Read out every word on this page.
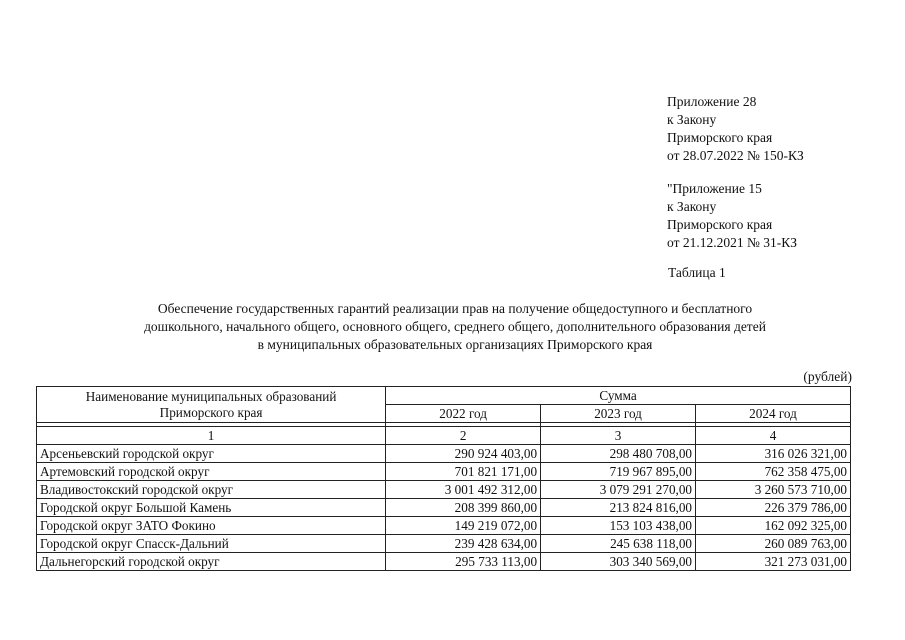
Приложение 28
к Закону
Приморского края
от 28.07.2022 № 150-КЗ
"Приложение 15
к Закону
Приморского края
от 21.12.2021 № 31-КЗ
Таблица 1
Обеспечение государственных гарантий реализации прав на получение общедоступного и бесплатного
дошкольного, начального общего, основного общего, среднего общего, дополнительного образования детей
в муниципальных образовательных организациях Приморского края
(рублей)
Наименование муниципальных образований
Приморского края	Сумма		
	2022 год	2023 год	2024 год

1	2	3	4
Арсеньевский городской округ	290 924 403,00	298 480 708,00	316 026 321,00
Артемовский городской округ	701 821 171,00	719 967 895,00	762 358 475,00
Владивостокский городской округ	3 001 492 312,00	3 079 291 270,00	3 260 573 710,00
Городской округ Большой Камень	208 399 860,00	213 824 816,00	226 379 786,00
Городской округ ЗАТО Фокино	149 219 072,00	153 103 438,00	162 092 325,00
Городской округ Спасск-Дальний	239 428 634,00	245 638 118,00	260 089 763,00
Дальнегорский городской округ	295 733 113,00	303 340 569,00	321 273 031,00
